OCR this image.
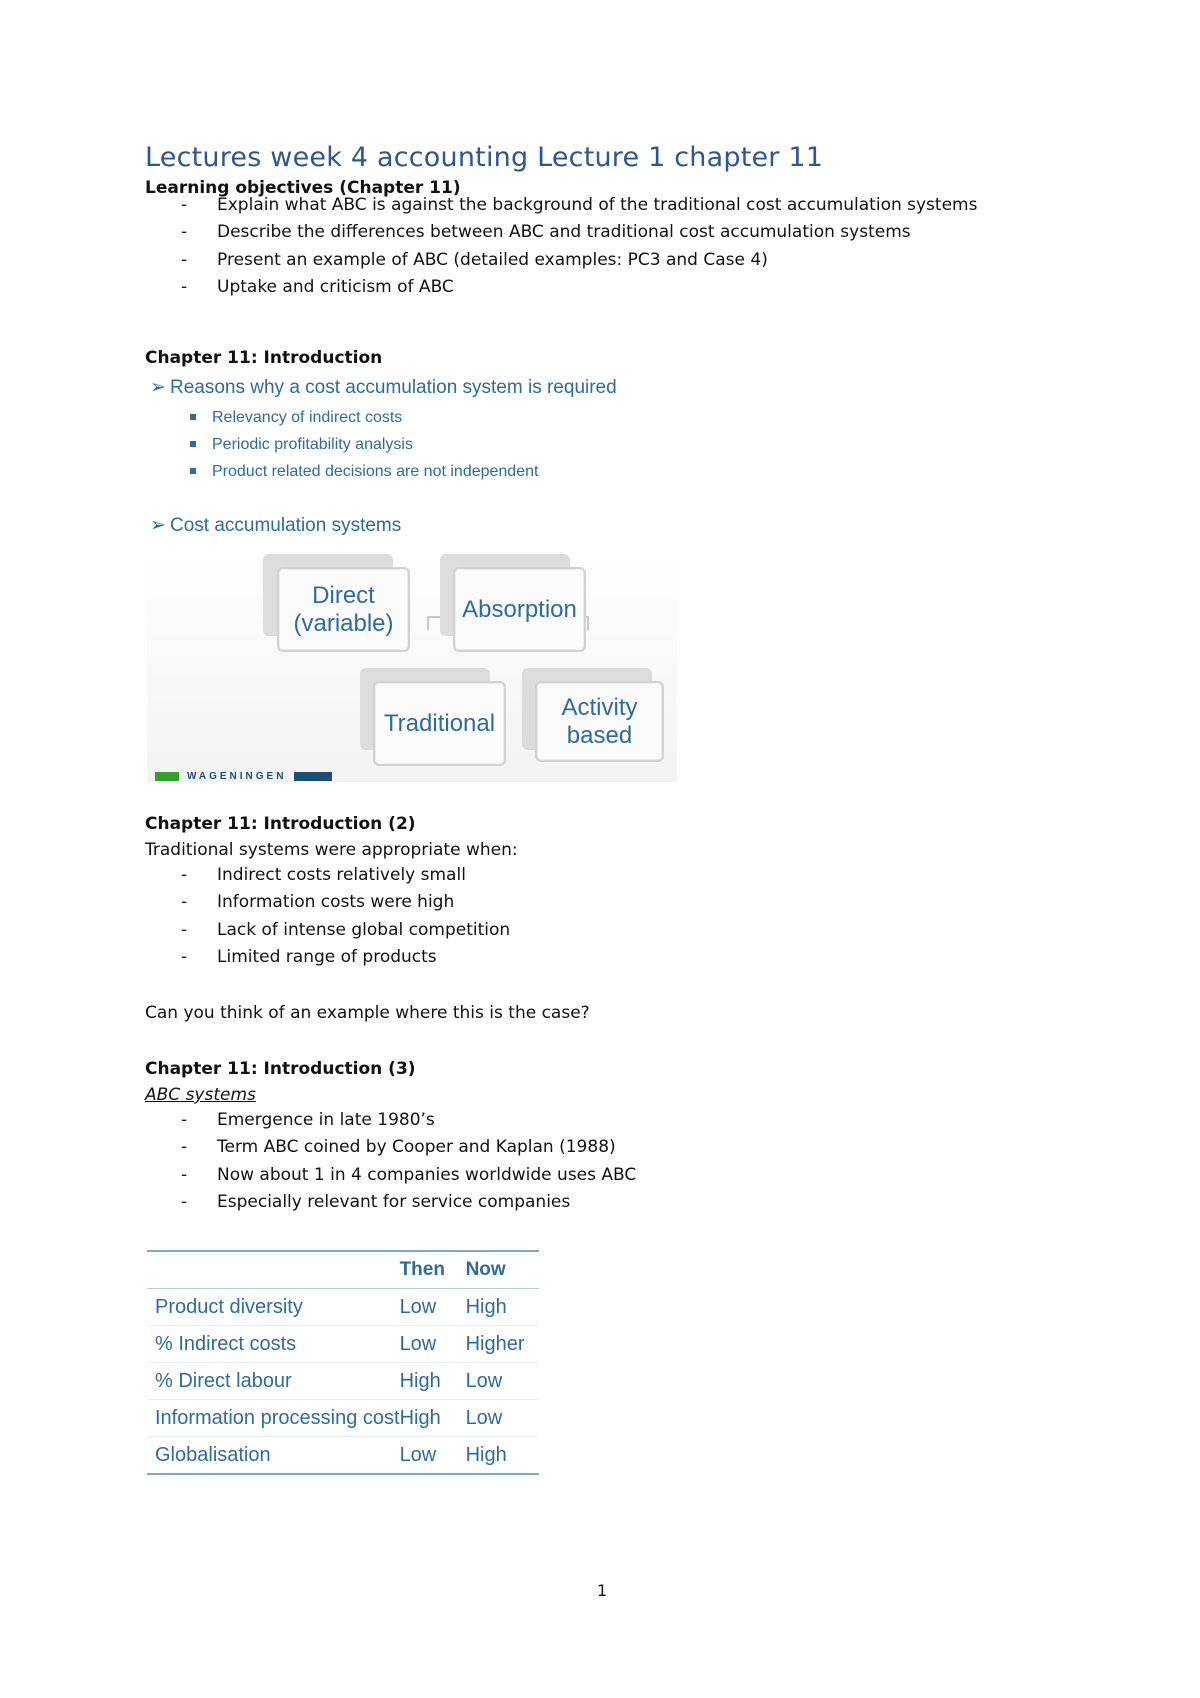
Lectures week 4 accounting Lecture 1 chapter 11
Learning objectives (Chapter 11)
- Explain what ABC is against the background of the traditional cost accumulation systems
- Describe the differences between ABC and traditional cost accumulation systems
- Present an example of ABC (detailed examples: PC3 and Case 4)
- Uptake and criticism of ABC
Chapter 11: Introduction
➢ Reasons why a cost accumulation system is required
Relevancy of indirect costs
Periodic profitability analysis
Product related decisions are not independent
➢ Cost accumulation systems
Direct (variable)
Absorption
Traditional
Activity based
WAGENINGEN
Chapter 11: Introduction (2)
Traditional systems were appropriate when:
- Indirect costs relatively small
- Information costs were high
- Lack of intense global competition
- Limited range of products
Can you think of an example where this is the case?
Chapter 11: Introduction (3)
ABC systems
- Emergence in late 1980’s
- Term ABC coined by Cooper and Kaplan (1988)
- Now about 1 in 4 companies worldwide uses ABC
- Especially relevant for service companies
	Then	Now
Product diversity	Low	High
% Indirect costs	Low	Higher
% Direct labour	High	Low
Information processing cost	High	Low
Globalisation	Low	High
1
